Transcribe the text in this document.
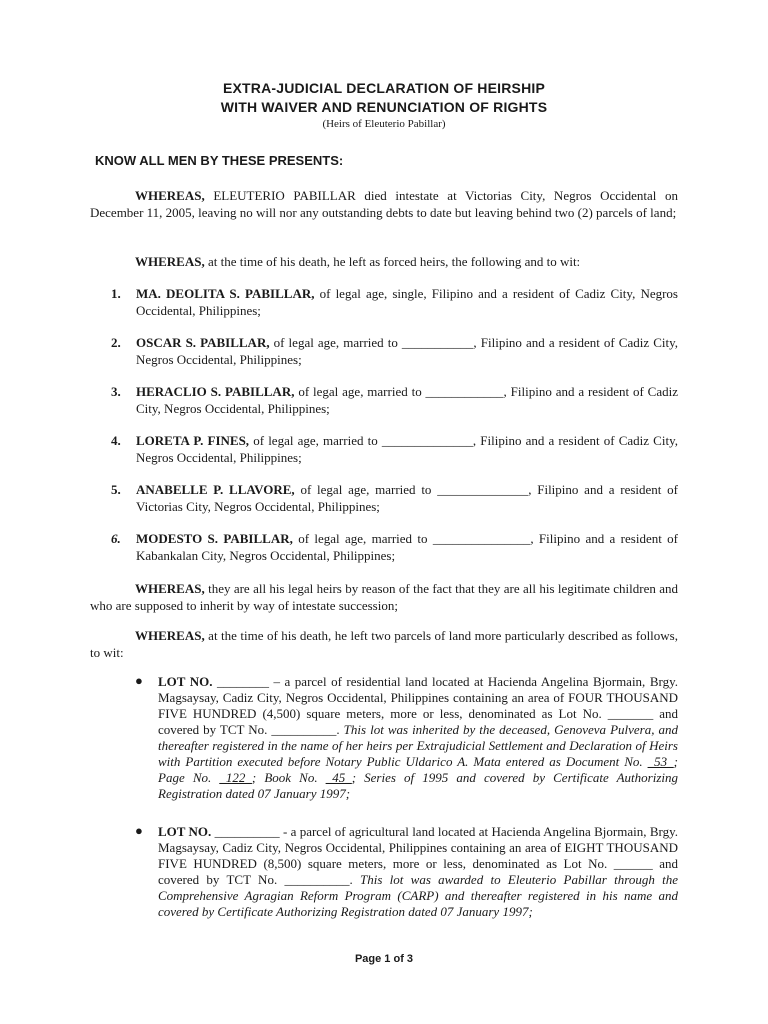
EXTRA-JUDICIAL DECLARATION OF HEIRSHIP
WITH WAIVER AND RENUNCIATION OF RIGHTS
(Heirs of Eleuterio Pabillar)
KNOW ALL MEN BY THESE PRESENTS:
WHEREAS, ELEUTERIO PABILLAR died intestate at Victorias City, Negros Occidental on December 11, 2005, leaving no will nor any outstanding debts to date but leaving behind two (2) parcels of land;
WHEREAS, at the time of his death, he left as forced heirs, the following and to wit:
1. MA. DEOLITA S. PABILLAR, of legal age, single, Filipino and a resident of Cadiz City, Negros Occidental, Philippines;
2. OSCAR S. PABILLAR, of legal age, married to ___________, Filipino and a resident of Cadiz City, Negros Occidental, Philippines;
3. HERACLIO S. PABILLAR, of legal age, married to ____________, Filipino and a resident of Cadiz City, Negros Occidental, Philippines;
4. LORETA P. FINES, of legal age, married to ______________, Filipino and a resident of Cadiz City, Negros Occidental, Philippines;
5. ANABELLE P. LLAVORE, of legal age, married to ______________, Filipino and a resident of Victorias City, Negros Occidental, Philippines;
6. MODESTO S. PABILLAR, of legal age, married to _______________, Filipino and a resident of Kabankalan City, Negros Occidental, Philippines;
WHEREAS, they are all his legal heirs by reason of the fact that they are all his legitimate children and who are supposed to inherit by way of intestate succession;
WHEREAS, at the time of his death, he left two parcels of land more particularly described as follows, to wit:
● LOT NO. ________ – a parcel of residential land located at Hacienda Angelina Bjormain, Brgy. Magsaysay, Cadiz City, Negros Occidental, Philippines containing an area of FOUR THOUSAND FIVE HUNDRED (4,500) square meters, more or less, denominated as Lot No. _______ and covered by TCT No. __________. This lot was inherited by the deceased, Genoveva Pulvera, and thereafter registered in the name of her heirs per Extrajudicial Settlement and Declaration of Heirs with Partition executed before Notary Public Uldarico A. Mata entered as Document No. _53_; Page No. _122_; Book No. _45_; Series of 1995 and covered by Certificate Authorizing Registration dated 07 January 1997;
● LOT NO. __________ - a parcel of agricultural land located at Hacienda Angelina Bjormain, Brgy. Magsaysay, Cadiz City, Negros Occidental, Philippines containing an area of EIGHT THOUSAND FIVE HUNDRED (8,500) square meters, more or less, denominated as Lot No. ______ and covered by TCT No. __________. This lot was awarded to Eleuterio Pabillar through the Comprehensive Agragian Reform Program (CARP) and thereafter registered in his name and covered by Certificate Authorizing Registration dated 07 January 1997;
Page 1 of 3
